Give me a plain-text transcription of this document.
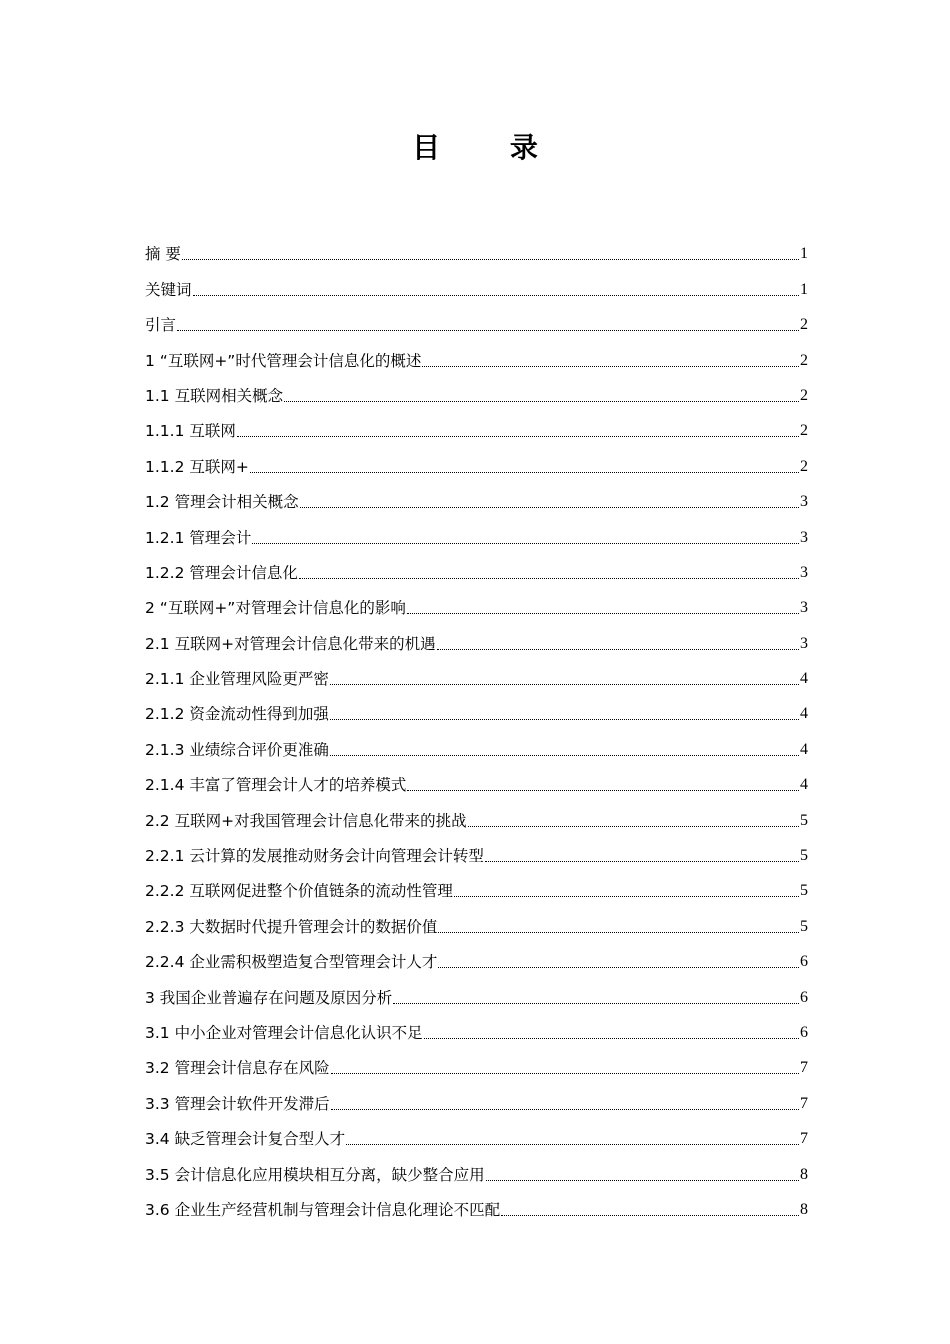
目 录
摘 要	1
关键词	1
引言	2
1 “互联网+”时代管理会计信息化的概述	2
1.1 互联网相关概念	2
1.1.1 互联网	2
1.1.2 互联网+	2
1.2 管理会计相关概念	3
1.2.1 管理会计	3
1.2.2 管理会计信息化	3
2 “互联网+”对管理会计信息化的影响	3
2.1 互联网+对管理会计信息化带来的机遇	3
2.1.1 企业管理风险更严密	4
2.1.2 资金流动性得到加强	4
2.1.3 业绩综合评价更准确	4
2.1.4 丰富了管理会计人才的培养模式	4
2.2 互联网+对我国管理会计信息化带来的挑战	5
2.2.1 云计算的发展推动财务会计向管理会计转型	5
2.2.2 互联网促进整个价值链条的流动性管理	5
2.2.3 大数据时代提升管理会计的数据价值	5
2.2.4 企业需积极塑造复合型管理会计人才	6
3 我国企业普遍存在问题及原因分析	6
3.1 中小企业对管理会计信息化认识不足	6
3.2 管理会计信息存在风险	7
3.3 管理会计软件开发滞后	7
3.4 缺乏管理会计复合型人才	7
3.5 会计信息化应用模块相互分离，缺少整合应用	8
3.6 企业生产经营机制与管理会计信息化理论不匹配	8
